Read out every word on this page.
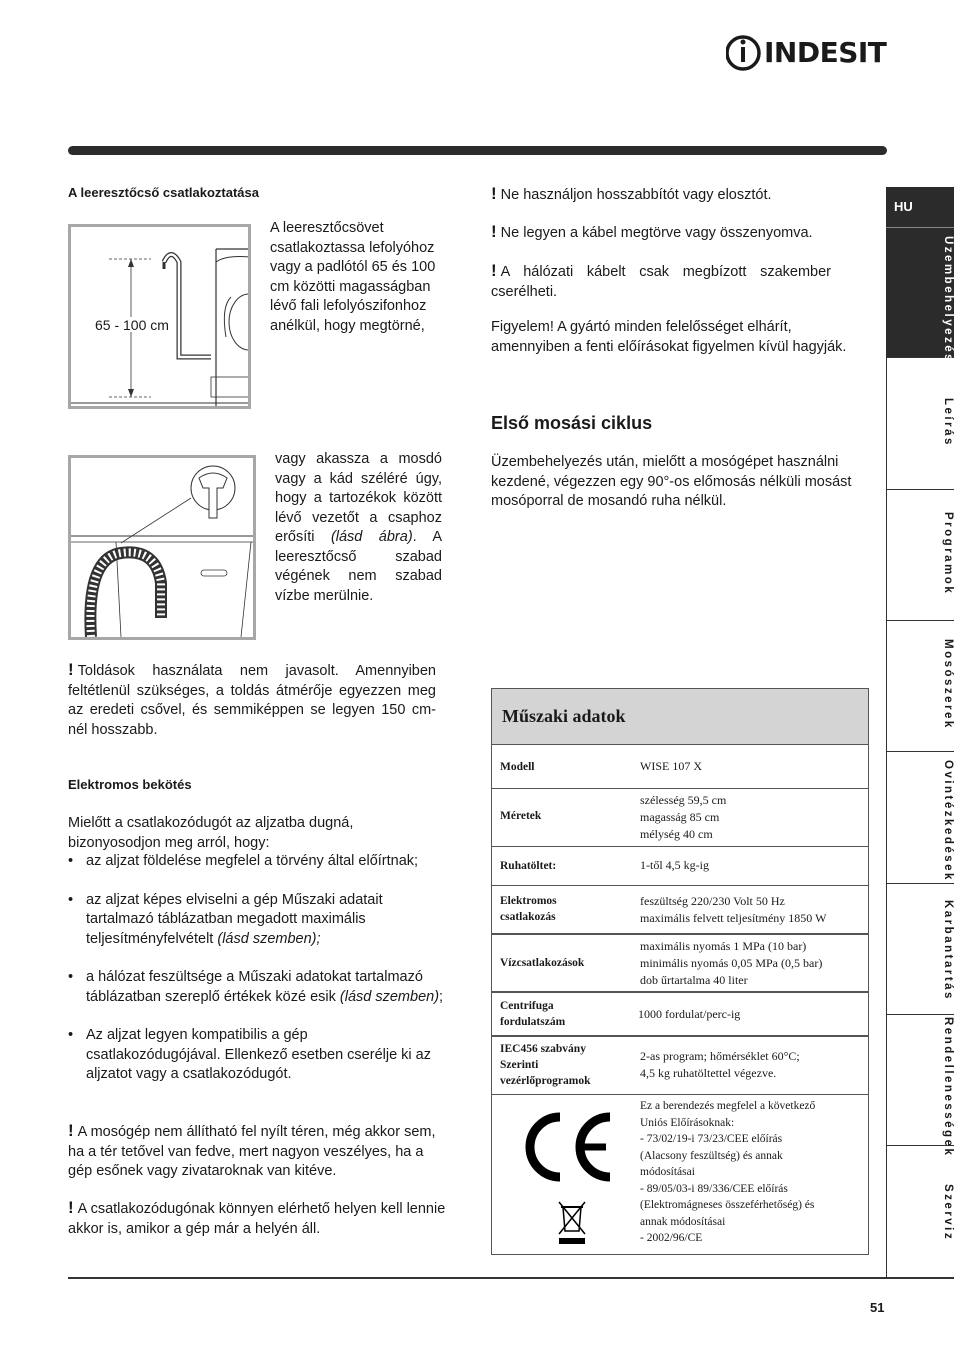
INDESIT
A leeresztőcső csatlakoztatása
65 - 100 cm
A leeresztőcsövet csatlakoztassa lefolyóhoz vagy a padlótól 65 és 100 cm közötti magasságban lévő fali lefolyószifonhoz anélkül, hogy megtörné,
vagy akassza a mosdó vagy a kád széléré úgy, hogy a tartozékok között lévő vezetőt a csaphoz erősíti (lásd ábra). A leeresztőcső szabad végének nem szabad vízbe merülnie.
! Toldások használata nem javasolt. Amennyiben feltétlenül szükséges, a toldás átmérője egyezzen meg az eredeti csővel, és semmiképpen se legyen 150 cm-nél hosszabb.
Elektromos bekötés
Mielőtt a csatlakozódugót az aljzatba dugná, bizonyosodjon meg arról, hogy:
• az aljzat földelése megfelel a törvény által előírtnak;
• az aljzat képes elviselni a gép Műszaki adatait tartalmazó táblázatban megadott maximális teljesítményfelvételt (lásd szemben);
• a hálózat feszültsége a Műszaki adatokat tartalmazó táblázatban szereplő értékek közé esik (lásd szemben);
• Az aljzat legyen kompatibilis a gép csatlakozódugójával. Ellenkező esetben cserélje ki az aljzatot vagy a csatlakozódugót.
! A mosógép nem állítható fel nyílt téren, még akkor sem, ha a tér tetővel van fedve, mert nagyon veszélyes, ha a gép esőnek vagy zivataroknak van kitéve.
! A csatlakozódugónak könnyen elérhető helyen kell lennie akkor is, amikor a gép már a helyén áll.
! Ne használjon hosszabbítót vagy elosztót.
! Ne legyen a kábel megtörve vagy összenyomva.
! A hálózati kábelt csak megbízott szakember cserélheti.
Figyelem! A gyártó minden felelősséget elhárít, amennyiben a fenti előírásokat figyelmen kívül hagyják.
Első mosási ciklus
Üzembehelyezés után, mielőtt a mosógépet használni kezdené, végezzen egy 90°-os előmosás nélküli mosást mosóporral de mosandó ruha nélkül.
Műszaki adatok
Modell	WISE 107 X
Méretek
szélesség 59,5 cm
magasság 85 cm
mélység 40 cm
Ruhatöltet:	1-től 4,5 kg-ig
Elektromos csatlakozás
feszültség 220/230 Volt 50 Hz
maximális felvett teljesítmény 1850 W
Vízcsatlakozások
maximális nyomás 1 MPa (10 bar)
minimális nyomás 0,05 MPa (0,5 bar)
dob űrtartalma 40 liter
Centrifuga fordulatszám
1000 fordulat/perc-ig
IEC456 szabvány Szerinti vezérlőprogramok
2-as program; hőmérséklet 60°C;
4,5 kg ruhatöltettel végezve.
Ez a berendezés megfelel a következő
Uniós Előírásoknak:
- 73/02/19-i 73/23/CEE előírás
(Alacsony feszültség) és annak
módosításai
- 89/05/03-i 89/336/CEE előírás
(Elektromágneses összeférhetőség) és
annak módosításai
- 2002/96/CE
HU
Üzembehelyezés
Leírás
Programok
Mosószerek
Óvintézkedések
Karbantartás
Rendellenességek
Szerviz
51
